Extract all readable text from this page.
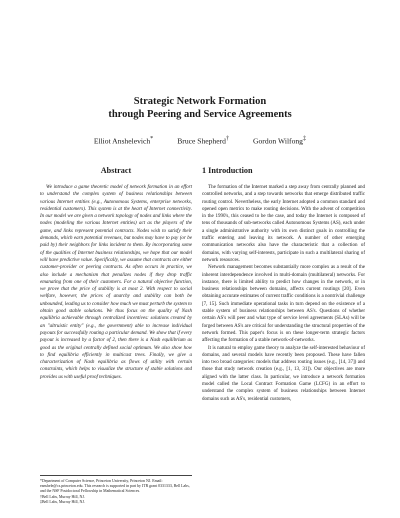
Strategic Network Formation
through Peering and Service Agreements
Elliot Anshelevich*	Bruce Shepherd†	Gordon Wilfong‡
Abstract

We introduce a game theoretic model of network formation in an effort to understand the complex system of business relationships between various Internet entities (e.g., Autonomous Systems, enterprise networks, residential customers). This system is at the heart of Internet connectivity. In our model we are given a network topology of nodes and links where the nodes (modeling the various Internet entities) act as the players of the game, and links represent potential contracts. Nodes wish to satisfy their demands, which earn potential revenues, but nodes may have to pay (or be paid by) their neighbors for links incident to them. By incorporating some of the qualities of Internet business relationships, we hope that our model will have predictive value. Specifically, we assume that contracts are either customer-provider or peering contracts. As often occurs in practice, we also include a mechanism that penalizes nodes if they drop traffic emanating from one of their customers. For a natural objective function, we prove that the price of stability is at most 2. With respect to social welfare, however, the prices of anarchy and stability can both be unbounded, leading us to consider how much we must perturb the system to obtain good stable solutions. We thus focus on the quality of Nash equilibria achievable through centralized incentives: solutions created by an "altruistic entity" (e.g., the government) able to increase individual payouts for successfully routing a particular demand. We show that if every payout is increased by a factor of 2, then there is a Nash equilibrium as good as the original centrally defined social optimum. We also show how to find equilibria efficiently in multicast trees. Finally, we give a characterization of Nash equilibria as flows of utility with certain constraints, which helps to visualize the structure of stable solutions and provides us with useful proof techniques.

*Department of Computer Science, Princeton University, Princeton NJ. Email: eanshele@cs.princeton.edu. This research is supported in part by ITR grant 0331333, Bell Labs, and the NSF Postdoctoral Fellowship in Mathematical Sciences.

†Bell Labs, Murray Hill, NJ.

‡Bell Labs, Murray Hill, NJ.

1 Introduction

The formation of the Internet marked a step away from centrally planned and controlled networks, and a step towards networks that emerge distributed traffic routing control. Nevertheless, the early Internet adopted a common standard and opened open metrics to make routing decisions. With the advent of competition in the 1990's, this ceased to be the case, and today the Internet is composed of tens of thousands of sub-networks called Autonomous Systems (AS), each under a single administrative authority with its own distinct goals in controlling the traffic entering and leaving its network. A number of other emerging communication networks also have the characteristic that a collection of domains, with varying self-interests, participate in such a multilateral sharing of network resources.

Network management becomes substantially more complex as a result of the inherent interdependence involved in multi-domain (multilateral) networks. For instance, there is limited ability to predict how changes in the network, or in business relationships between domains, affects current routings [20]. Even obtaining accurate estimates of current traffic conditions is a nontrivial challenge [7, 15]. Such immediate operational tasks in turn depend on the existence of a stable system of business relationships between AS's. Questions of whether certain AS's will peer and what type of service level agreements (SLAs) will be forged between AS's are critical for understanding the structural properties of the network formed. This paper's focus is on these longer-term strategic factors affecting the formation of a stable network-of-networks.

It is natural to employ game theory to analyze the self-interested behaviour of domains, and several models have recently been proposed. These have fallen into two broad categories: models that address routing issues (e.g., [14, 37]) and those that study network creation (e.g., [1, 13, 31]). Our objectives are more aligned with the latter class. In particular, we introduce a network formation model called the Local Contract Formation Game (LCFG) in an effort to understand the complex system of business relationships between Internet domains such as AS's, residential customers,
